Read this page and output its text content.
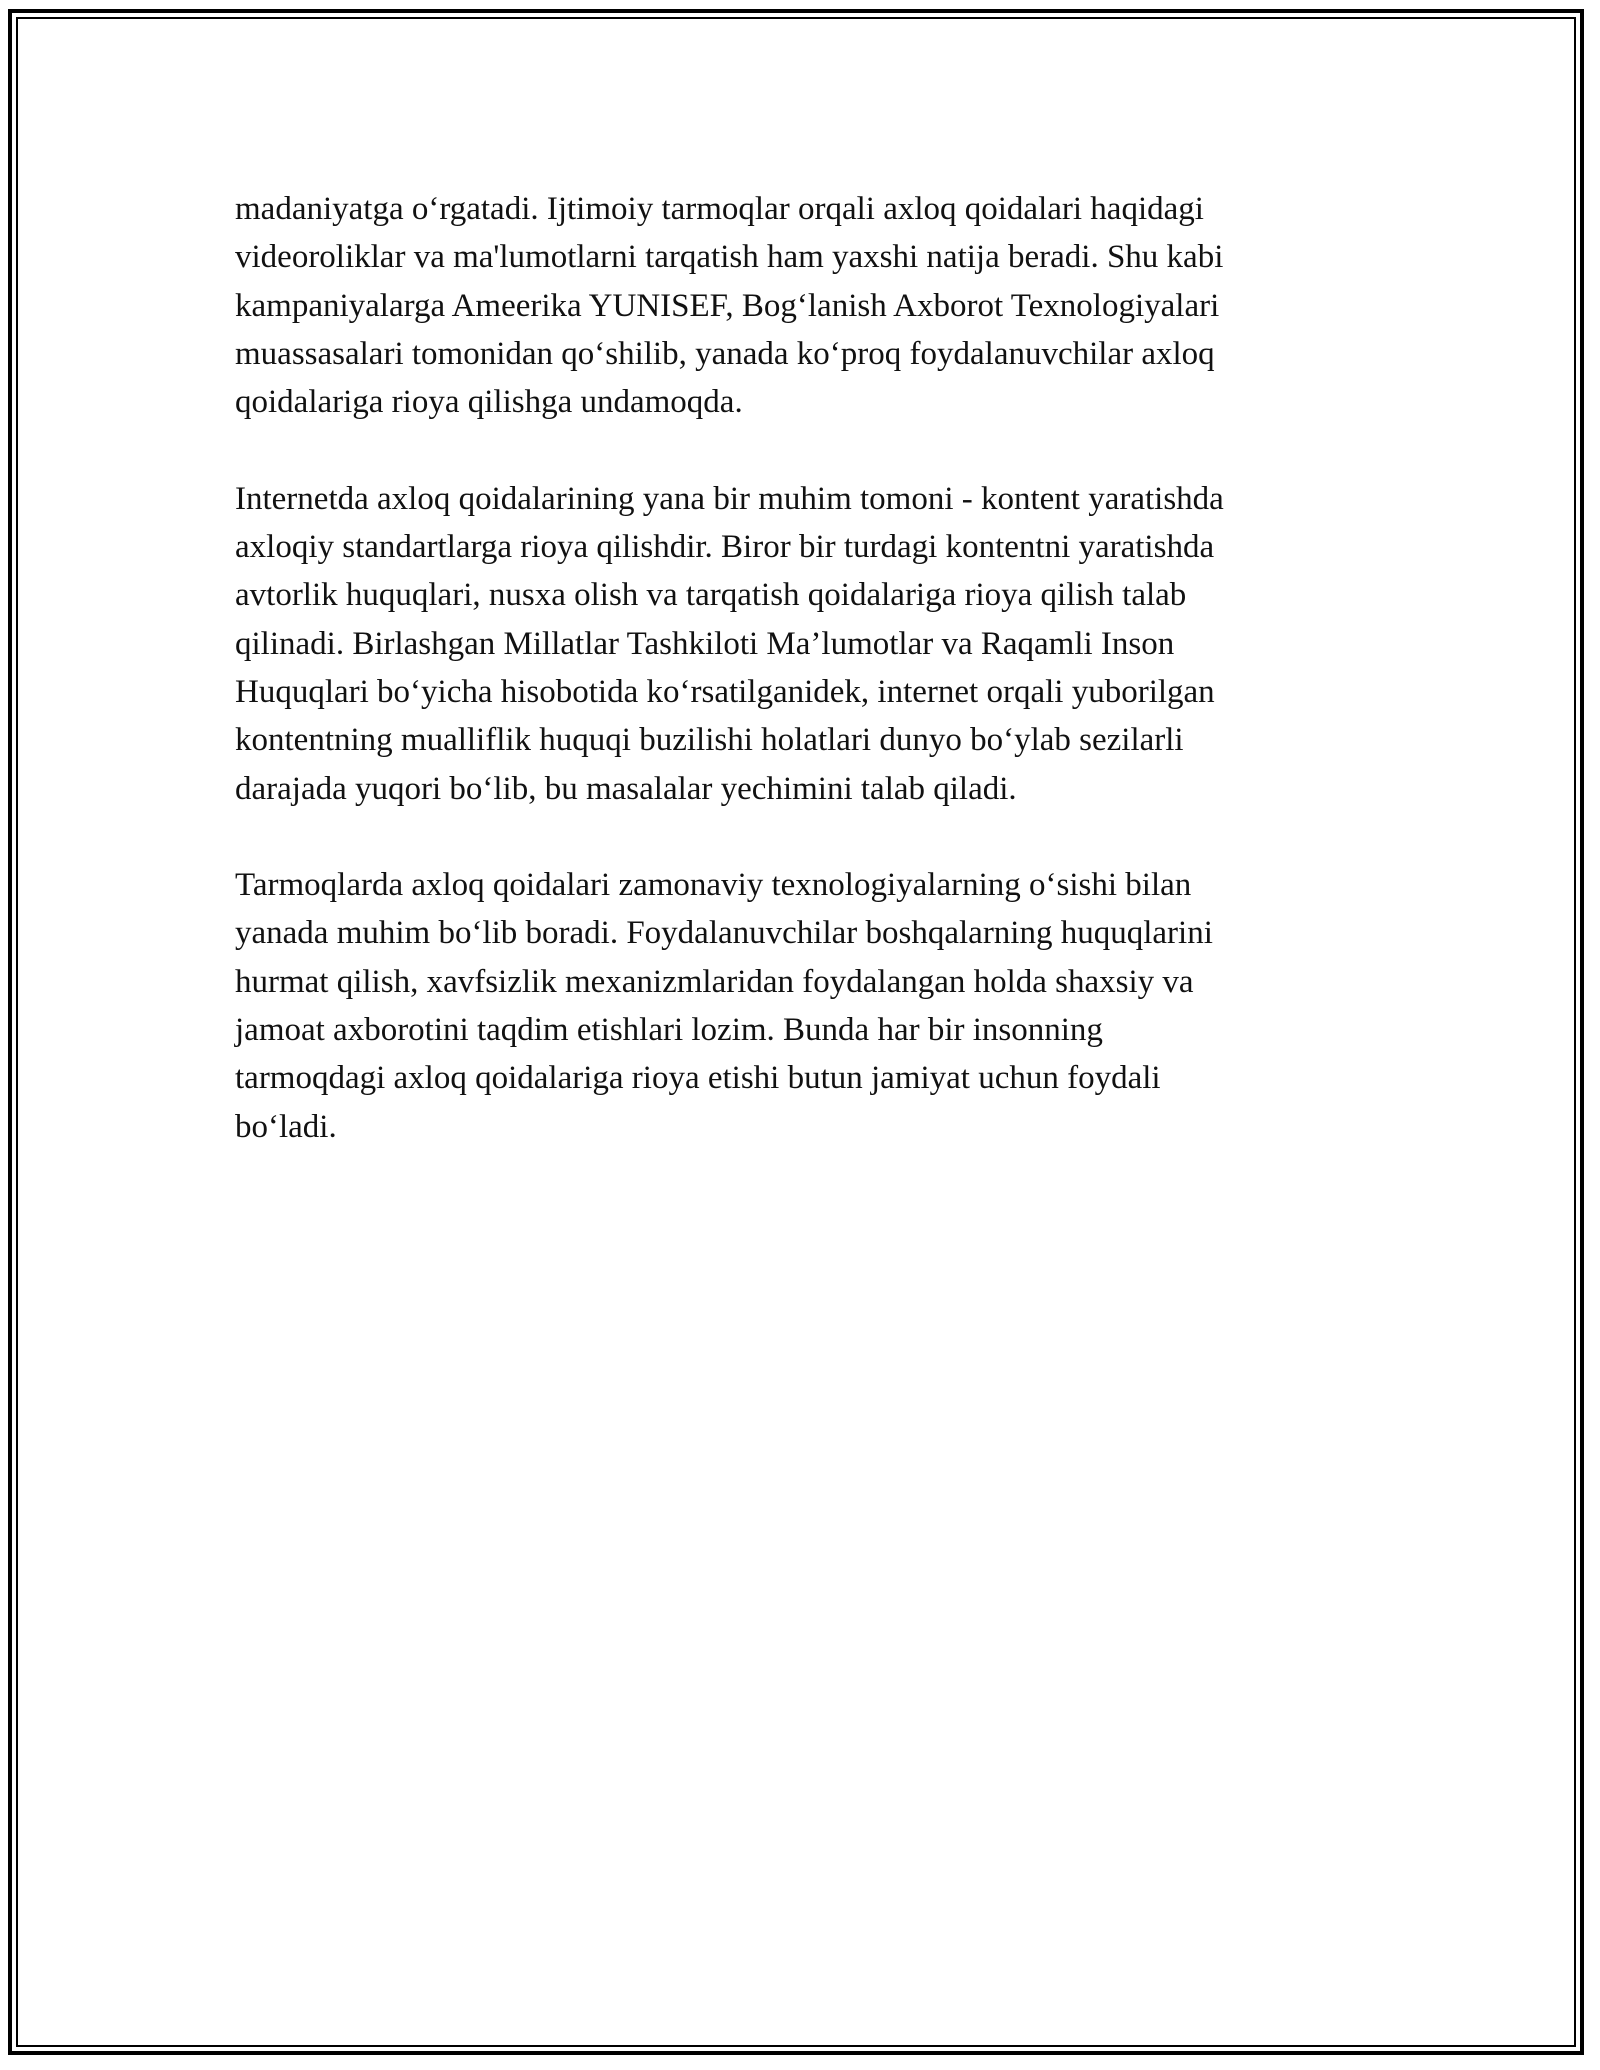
madaniyatga o‘rgatadi. Ijtimoiy tarmoqlar orqali axloq qoidalari haqidagi
videoroliklar va ma'lumotlarni tarqatish ham yaxshi natija beradi. Shu kabi
kampaniyalarga Ameerika YUNISEF, Bog‘lanish Axborot Texnologiyalari
muassasalari tomonidan qo‘shilib, yanada ko‘proq foydalanuvchilar axloq
qoidalariga rioya qilishga undamoqda.

Internetda axloq qoidalarining yana bir muhim tomoni - kontent yaratishda
axloqiy standartlarga rioya qilishdir. Biror bir turdagi kontentni yaratishda
avtorlik huquqlari, nusxa olish va tarqatish qoidalariga rioya qilish talab
qilinadi. Birlashgan Millatlar Tashkiloti Ma’lumotlar va Raqamli Inson
Huquqlari bo‘yicha hisobotida ko‘rsatilganidek, internet orqali yuborilgan
kontentning mualliflik huquqi buzilishi holatlari dunyo bo‘ylab sezilarli
darajada yuqori bo‘lib, bu masalalar yechimini talab qiladi.

Tarmoqlarda axloq qoidalari zamonaviy texnologiyalarning o‘sishi bilan
yanada muhim bo‘lib boradi. Foydalanuvchilar boshqalarning huquqlarini
hurmat qilish, xavfsizlik mexanizmlaridan foydalangan holda shaxsiy va
jamoat axborotini taqdim etishlari lozim. Bunda har bir insonning
tarmoqdagi axloq qoidalariga rioya etishi butun jamiyat uchun foydali
bo‘ladi.
